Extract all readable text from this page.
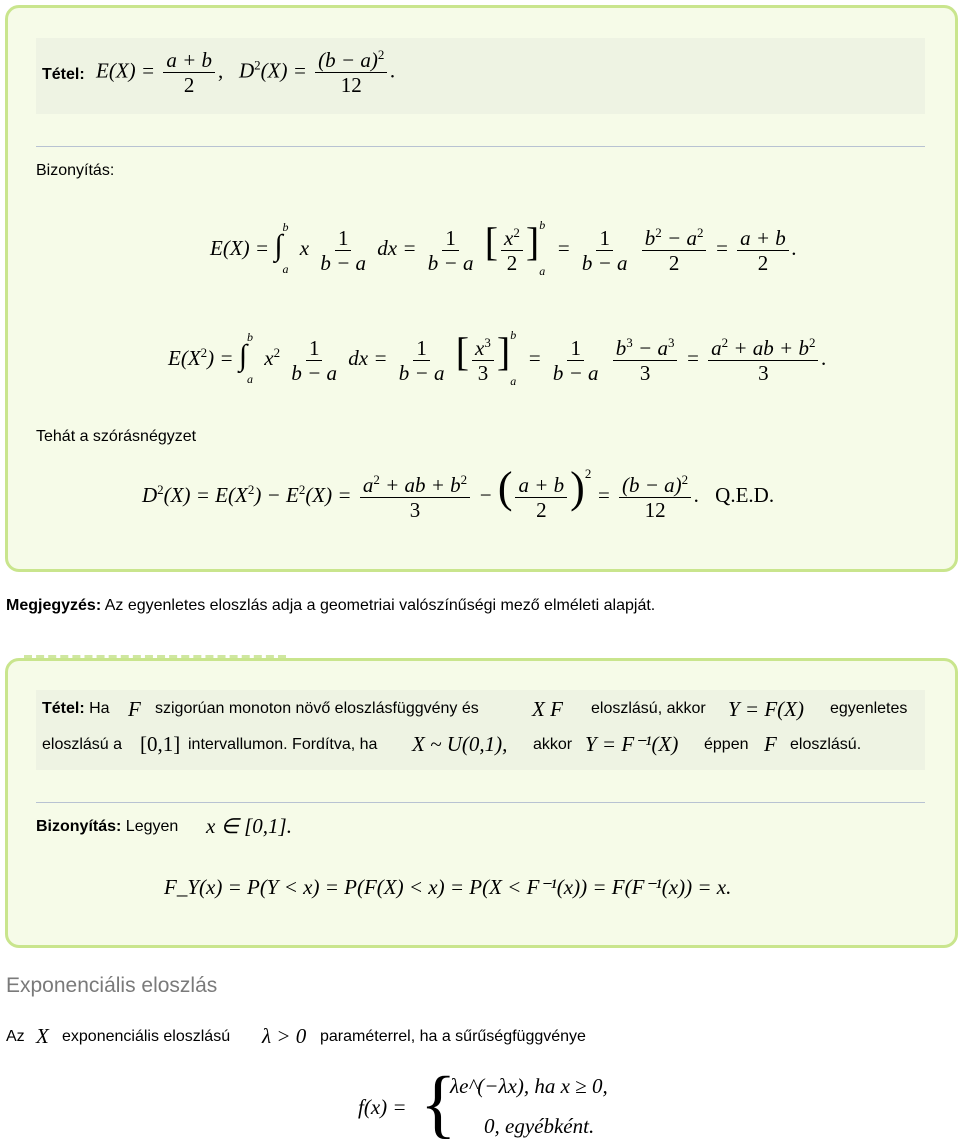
Tétel: $E(X) = \frac{a + b}{2}$ ,   $D^2(X) = \frac{(b - a)^2}{12}$ .
Bizonyítás:
$E(X) = \int_a^b$ x $\frac{1}{b - a}$ dx = $\frac{1}{b - a}$ [ $\frac{x^2}{2} ]_a^b = \frac{1}{b - a}$
$\frac{b^2 - a^2}{2} = \frac{a + b}{2}$ .
$E(X^2) = \int_a^b$ $x^2 \frac{1}{b - a}$ dx = $\frac{1}{b - a}$ [ $\frac{x^3}{3} ]_a^b = \frac{1}{b - a}$
$\frac{b^3 - a^3}{3} = \frac{a^2 + ab + b^2}{3}$ .
Tehát a szórásnégyzet
$D^2(X) = E(X^2) - E^2(X) = \frac{a^2 + ab + b^2}{3}$ − ( $\frac{a + b}{2} )^2 = \frac{(b - a)^2}{12}$ .   Q.E.D.
Megjegyzés: Az egyenletes eloszlás adja a geometriai valószínűségi mező elméleti alapját.
Tétel: Ha F szigorúan monoton növő eloszlásfüggvény és	X F eloszlású, akkor Y = F(X) egyenletes
eloszlású a [0,1] intervallumon. Fordítva, ha X ~ U(0,1), akkor Y = F⁻¹(X) éppen F eloszlású.
Bizonyítás: Legyen x ∈ [0,1].
F_Y(x) = P(Y < x) = P(F(X) < x) = P(X < F⁻¹(x)) = F(F⁻¹(x)) = x.
Exponenciális eloszlás
Az X exponenciális eloszlású λ > 0 paraméterrel, ha a sűrűségfüggvénye
f(x) = {
λe^(−λx), ha x ≥ 0,
0, egyébként.
